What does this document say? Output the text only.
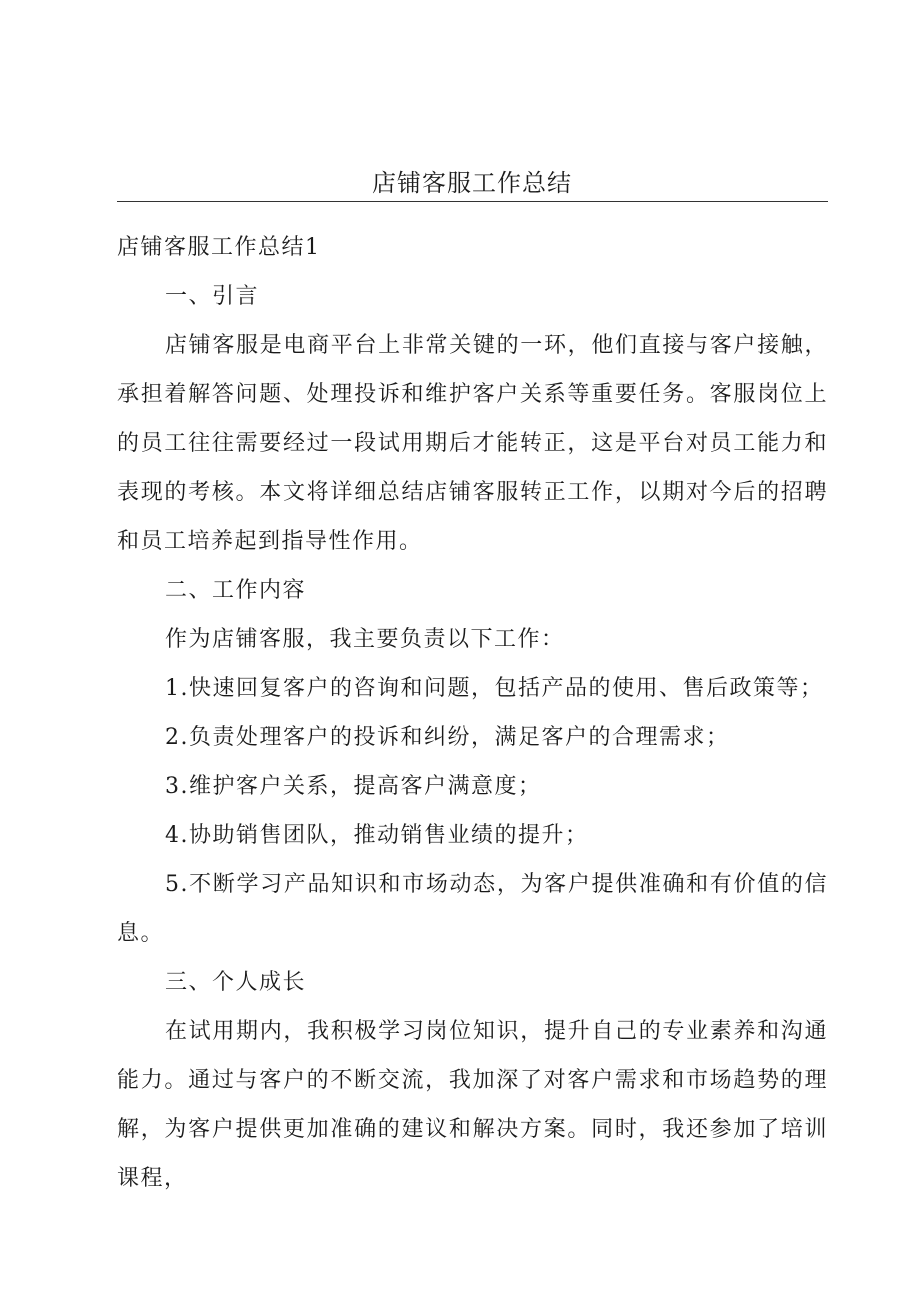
店铺客服工作总结

店铺客服工作总结1

一、引言

店铺客服是电商平台上非常关键的一环，他们直接与客户接触，承担着解答问题、处理投诉和维护客户关系等重要任务。客服岗位上的员工往往需要经过一段试用期后才能转正，这是平台对员工能力和表现的考核。本文将详细总结店铺客服转正工作，以期对今后的招聘和员工培养起到指导性作用。

二、工作内容

作为店铺客服，我主要负责以下工作：

1.快速回复客户的咨询和问题，包括产品的使用、售后政策等；

2.负责处理客户的投诉和纠纷，满足客户的合理需求；

3.维护客户关系，提高客户满意度；

4.协助销售团队，推动销售业绩的提升；

5.不断学习产品知识和市场动态，为客户提供准确和有价值的信息。

三、个人成长

在试用期内，我积极学习岗位知识，提升自己的专业素养和沟通能力。通过与客户的不断交流，我加深了对客户需求和市场趋势的理解，为客户提供更加准确的建议和解决方案。同时，我还参加了培训课程，
